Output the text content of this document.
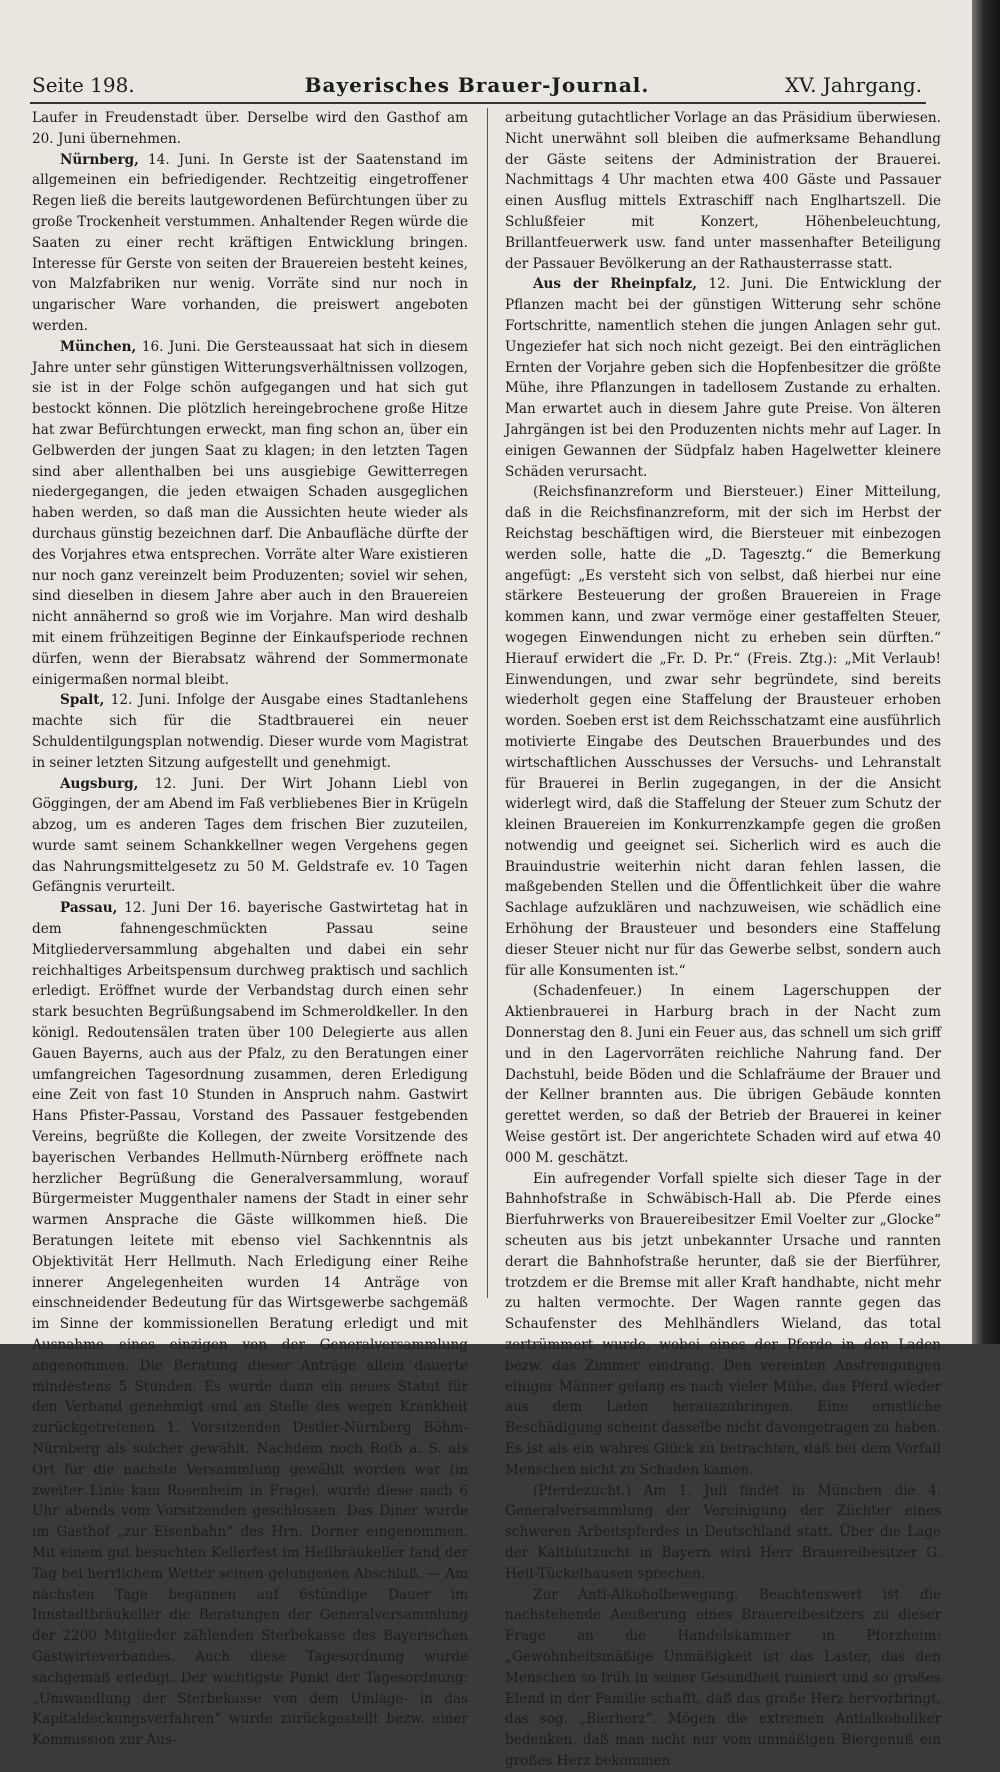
Seite 198.	Bayerisches Brauer-Journal.	XV. Jahrgang.

Laufer in Freudenstadt über. Derselbe wird den Gasthof am 20. Juni übernehmen.

Nürnberg, 14. Juni. In Gerste ist der Saatenstand im allgemeinen ein befriedigender. Rechtzeitig eingetroffener Regen ließ die bereits lautgewordenen Befürchtungen über zu große Trockenheit verstummen. Anhaltender Regen würde die Saaten zu einer recht kräftigen Entwicklung bringen. Interesse für Gerste von seiten der Brauereien besteht keines, von Malzfabriken nur wenig. Vorräte sind nur noch in ungarischer Ware vorhanden, die preiswert angeboten werden.

München, 16. Juni. Die Gersteaussaat hat sich in diesem Jahre unter sehr günstigen Witterungsverhältnissen vollzogen, sie ist in der Folge schön aufgegangen und hat sich gut bestockt können. Die plötzlich hereingebrochene große Hitze hat zwar Befürchtungen erweckt, man fing schon an, über ein Gelbwerden der jungen Saat zu klagen; in den letzten Tagen sind aber allenthalben bei uns ausgiebige Gewitterregen niedergegangen, die jeden etwaigen Schaden ausgeglichen haben werden, so daß man die Aussichten heute wieder als durchaus günstig bezeichnen darf. Die Anbaufläche dürfte der des Vorjahres etwa entsprechen. Vorräte alter Ware existieren nur noch ganz vereinzelt beim Produzenten; soviel wir sehen, sind dieselben in diesem Jahre aber auch in den Brauereien nicht annähernd so groß wie im Vorjahre. Man wird deshalb mit einem frühzeitigen Beginne der Einkaufsperiode rechnen dürfen, wenn der Bierabsatz während der Sommermonate einigermaßen normal bleibt.

Spalt, 12. Juni. Infolge der Ausgabe eines Stadtanlehens machte sich für die Stadtbrauerei ein neuer Schuldentilgungsplan notwendig. Dieser wurde vom Magistrat in seiner letzten Sitzung aufgestellt und genehmigt.

Augsburg, 12. Juni. Der Wirt Johann Liebl von Göggingen, der am Abend im Faß verbliebenes Bier in Krügeln abzog, um es anderen Tages dem frischen Bier zuzuteilen, wurde samt seinem Schankkellner wegen Vergehens gegen das Nahrungsmittelgesetz zu 50 M. Geldstrafe ev. 10 Tagen Gefängnis verurteilt.

Passau, 12. Juni Der 16. bayerische Gastwirtetag hat in dem fahnengeschmückten Passau seine Mitgliederversammlung abgehalten und dabei ein sehr reichhaltiges Arbeitspensum durchweg praktisch und sachlich erledigt. Eröffnet wurde der Verbandstag durch einen sehr stark besuchten Begrüßungsabend im Schmeroldkeller. In den königl. Redoutensälen traten über 100 Delegierte aus allen Gauen Bayerns, auch aus der Pfalz, zu den Beratungen einer umfangreichen Tagesordnung zusammen, deren Erledigung eine Zeit von fast 10 Stunden in Anspruch nahm. Gastwirt Hans Pfister-Passau, Vorstand des Passauer festgebenden Vereins, begrüßte die Kollegen, der zweite Vorsitzende des bayerischen Verbandes Hellmuth-Nürnberg eröffnete nach herzlicher Begrüßung die Generalversammlung, worauf Bürgermeister Muggenthaler namens der Stadt in einer sehr warmen Ansprache die Gäste willkommen hieß. Die Beratungen leitete mit ebenso viel Sachkenntnis als Objektivität Herr Hellmuth. Nach Erledigung einer Reihe innerer Angelegenheiten wurden 14 Anträge von einschneidender Bedeutung für das Wirtsgewerbe sachgemäß im Sinne der kommissionellen Beratung erledigt und mit Ausnahme eines einzigen von der Generalversammlung angenommen. Die Beratung dieser Anträge allein dauerte mindestens 5 Stunden. Es wurde dann ein neues Statut für den Verband genehmigt und an Stelle des wegen Krankheit zurückgetretenen 1. Vorsitzenden Distler-Nürnberg Böhm-Nürnberg als solcher gewählt. Nachdem noch Roth a. S. als Ort für die nächste Versammlung gewählt worden war (in zweiter Linie kam Rosenheim in Frage), wurde diese nach 6 Uhr abends vom Vorsitzenden geschlossen. Das Diner wurde im Gasthof „zur Eisenbahn“ des Hrn. Dorner eingenommen. Mit einem gut besuchten Kellerfest im Hellbräukeller fand der Tag bei herrlichem Wetter seinen gelungenen Abschluß. — Am nächsten Tage begannen auf 6stündige Dauer im Innstadtbräukeller die Beratungen der Generalversammlung der 2200 Mitglieder zählenden Sterbekasse des Bayerischen Gastwirteverbandes. Auch diese Tagesordnung wurde sachgemäß erledigt. Der wichtigste Punkt der Tagesordnung: „Umwandlung der Sterbekasse von dem Umlage- in das Kapitaldeckungsverfahren“ wurde zurückgestellt bezw. einer Kommission zur Aus-

arbeitung gutachtlicher Vorlage an das Präsidium überwiesen. Nicht unerwähnt soll bleiben die aufmerksame Behandlung der Gäste seitens der Administration der Brauerei. Nachmittags 4 Uhr machten etwa 400 Gäste und Passauer einen Ausflug mittels Extraschiff nach Englhartszell. Die Schlußfeier mit Konzert, Höhenbeleuchtung, Brillantfeuerwerk usw. fand unter massenhafter Beteiligung der Passauer Bevölkerung an der Rathausterrasse statt.

Aus der Rheinpfalz, 12. Juni. Die Entwicklung der Pflanzen macht bei der günstigen Witterung sehr schöne Fortschritte, namentlich stehen die jungen Anlagen sehr gut. Ungeziefer hat sich noch nicht gezeigt. Bei den einträglichen Ernten der Vorjahre geben sich die Hopfenbesitzer die größte Mühe, ihre Pflanzungen in tadellosem Zustande zu erhalten. Man erwartet auch in diesem Jahre gute Preise. Von älteren Jahrgängen ist bei den Produzenten nichts mehr auf Lager. In einigen Gewannen der Südpfalz haben Hagelwetter kleinere Schäden verursacht.

(Reichsfinanzreform und Biersteuer.) Einer Mitteilung, daß in die Reichsfinanzreform, mit der sich im Herbst der Reichstag beschäftigen wird, die Biersteuer mit einbezogen werden solle, hatte die „D. Tagesztg.“ die Bemerkung angefügt: „Es versteht sich von selbst, daß hierbei nur eine stärkere Besteuerung der großen Brauereien in Frage kommen kann, und zwar vermöge einer gestaffelten Steuer, wogegen Einwendungen nicht zu erheben sein dürften.“ Hierauf erwidert die „Fr. D. Pr.“ (Freis. Ztg.): „Mit Verlaub! Einwendungen, und zwar sehr begründete, sind bereits wiederholt gegen eine Staffelung der Brausteuer erhoben worden. Soeben erst ist dem Reichsschatzamt eine ausführlich motivierte Eingabe des Deutschen Brauerbundes und des wirtschaftlichen Ausschusses der Versuchs- und Lehranstalt für Brauerei in Berlin zugegangen, in der die Ansicht widerlegt wird, daß die Staffelung der Steuer zum Schutz der kleinen Brauereien im Konkurrenzkampfe gegen die großen notwendig und geeignet sei. Sicherlich wird es auch die Brauindustrie weiterhin nicht daran fehlen lassen, die maßgebenden Stellen und die Öffentlichkeit über die wahre Sachlage aufzuklären und nachzuweisen, wie schädlich eine Erhöhung der Brausteuer und besonders eine Staffelung dieser Steuer nicht nur für das Gewerbe selbst, sondern auch für alle Konsumenten ist.“

(Schadenfeuer.) In einem Lagerschuppen der Aktienbrauerei in Harburg brach in der Nacht zum Donnerstag den 8. Juni ein Feuer aus, das schnell um sich griff und in den Lagervorräten reichliche Nahrung fand. Der Dachstuhl, beide Böden und die Schlafräume der Brauer und der Kellner brannten aus. Die übrigen Gebäude konnten gerettet werden, so daß der Betrieb der Brauerei in keiner Weise gestört ist. Der angerichtete Schaden wird auf etwa 40 000 M. geschätzt.

Ein aufregender Vorfall spielte sich dieser Tage in der Bahnhofstraße in Schwäbisch-Hall ab. Die Pferde eines Bierfuhrwerks von Brauereibesitzer Emil Voelter zur „Glocke“ scheuten aus bis jetzt unbekannter Ursache und rannten derart die Bahnhofstraße herunter, daß sie der Bierführer, trotzdem er die Bremse mit aller Kraft handhabte, nicht mehr zu halten vermochte. Der Wagen rannte gegen das Schaufenster des Mehlhändlers Wieland, das total zertrümmert wurde, wobei eines der Pferde in den Laden bezw. das Zimmer eindrang. Den vereinten Anstrengungen einiger Männer gelang es nach vieler Mühe, das Pferd wieder aus dem Laden herauszubringen. Eine ernstliche Beschädigung scheint dasselbe nicht davongetragen zu haben. Es ist als ein wahres Glück zu betrachten, daß bei dem Vorfall Menschen nicht zu Schaden kamen.

(Pferdezucht.) Am 1. Juli findet in München die 4. Generalversammlung der Vereinigung der Züchter eines schweren Arbeitspferdes in Deutschland statt. Über die Lage der Kaltblutzucht in Bayern wird Herr Brauereibesitzer G. Heil-Tückelhausen sprechen.

Zur Anti-Alkoholbewegung. Beachtenswert ist die nachstehende Aeußerung eines Brauereibesitzers zu dieser Frage an die Handelskammer in Pforzheim: „Gewohnheitsmäßige Unmäßigkeit ist das Laster, das den Menschen so früh in seiner Gesundheit ruiniert und so großes Elend in der Familie schafft, daß das große Herz hervorbringt, das sog. „Bierherz“. Mögen die extremen Antialkoholiker bedenken, daß man nicht nur vom unmäßigen Biergenuß ein großes Herz bekommen
